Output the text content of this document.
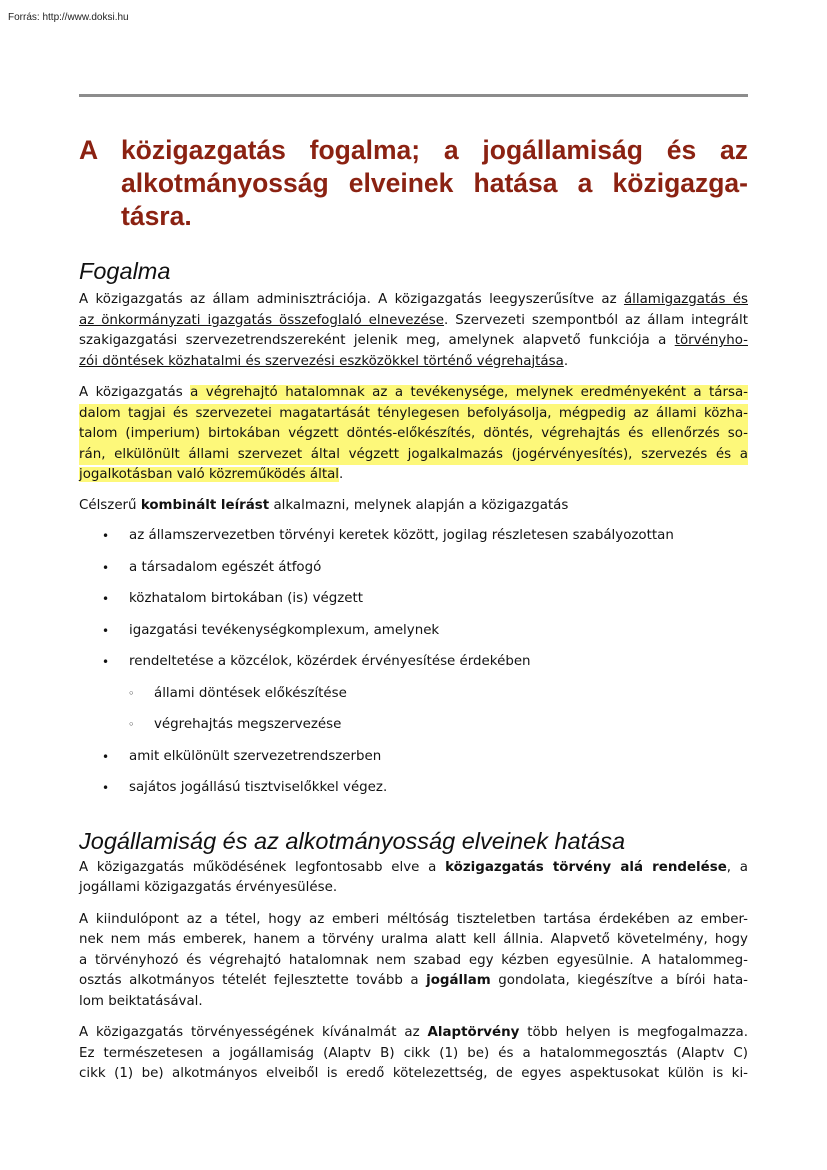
Forrás: http://www.doksi.hu
A közigazgatás fogalma; a jogállamiság és az
alkotmányosság elveinek hatása a közigazga-
tásra.
Fogalma

A közigazgatás az állam adminisztrációja. A közigazgatás leegyszerűsítve az államigazgatás és
az önkormányzati igazgatás összefoglaló elnevezése. Szervezeti szempontból az állam integrált
szakigazgatási szervezetrendszereként jelenik meg, amelynek alapvető funkciója a törvényho-
zói döntések közhatalmi és szervezési eszközökkel történő végrehajtása.

A közigazgatás a végrehajtó hatalomnak az a tevékenysége, melynek eredményeként a társa-
dalom tagjai és szervezetei magatartását ténylegesen befolyásolja, mégpedig az állami közha-
talom (imperium) birtokában végzett döntés-előkészítés, döntés, végrehajtás és ellenőrzés so-
rán, elkülönült állami szervezet által végzett jogalkalmazás (jogérvényesítés), szervezés és a
jogalkotásban való közreműködés által.

Célszerű kombinált leírást alkalmazni, melynek alapján a közigazgatás

• az államszervezetben törvényi keretek között, jogilag részletesen szabályozottan
• a társadalom egészét átfogó
• közhatalom birtokában (is) végzett
• igazgatási tevékenységkomplexum, amelynek
• rendeltetése a közcélok, közérdek érvényesítése érdekében
◦ állami döntések előkészítése
◦ végrehajtás megszervezése
• amit elkülönült szervezetrendszerben
• sajátos jogállású tisztviselőkkel végez.
Jogállamiság és az alkotmányosság elveinek hatása

A közigazgatás működésének legfontosabb elve a közigazgatás törvény alá rendelése, a
jogállami közigazgatás érvényesülése.

A kiindulópont az a tétel, hogy az emberi méltóság tiszteletben tartása érdekében az ember-
nek nem más emberek, hanem a törvény uralma alatt kell állnia. Alapvető követelmény, hogy
a törvényhozó és végrehajtó hatalomnak nem szabad egy kézben egyesülnie. A hatalommeg-
osztás alkotmányos tételét fejlesztette tovább a jogállam gondolata, kiegészítve a bírói hata-
lom beiktatásával.

A közigazgatás törvényességének kívánalmát az Alaptörvény több helyen is megfogalmazza.
Ez természetesen a jogállamiság (Alaptv B) cikk (1) be) és a hatalommegosztás (Alaptv C)
cikk (1) be) alkotmányos elveiből is eredő kötelezettség, de egyes aspektusokat külön is ki-
